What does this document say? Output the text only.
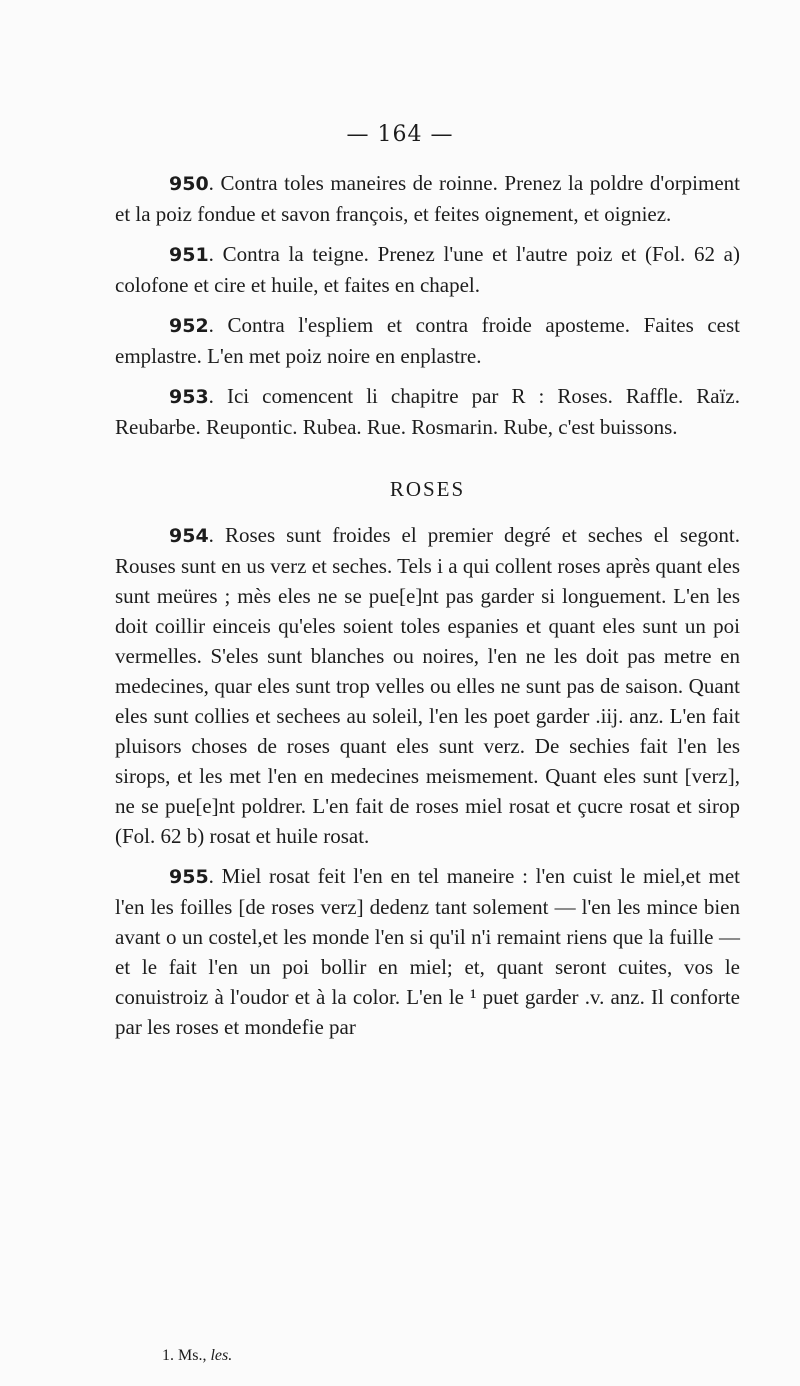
— 164 —

950. Contra toles maneires de roinne. Prenez la poldre d'orpiment et la poiz fondue et savon françois, et feites oignement, et oigniez.

951. Contra la teigne. Prenez l'une et l'autre poiz et (Fol. 62 a) colofone et cire et huile, et faites en chapel.

952. Contra l'espliem et contra froide aposteme. Faites cest emplastre. L'en met poiz noire en enplastre.

953. Ici comencent li chapitre par R : Roses. Raffle. Raïz. Reubarbe. Reupontic. Rubea. Rue. Rosmarin. Rube, c'est buissons.

ROSES

954. Roses sunt froides el premier degré et seches el segont. Rouses sunt en us verz et seches. Tels i a qui collent roses après quant eles sunt meüres ; mès eles ne se pue[e]nt pas garder si longuement. L'en les doit coillir einceis qu'eles soient toles espanies et quant eles sunt un poi vermelles. S'eles sunt blanches ou noires, l'en ne les doit pas metre en medecines, quar eles sunt trop velles ou elles ne sunt pas de saison. Quant eles sunt collies et sechees au soleil, l'en les poet garder .iij. anz. L'en fait pluisors choses de roses quant eles sunt verz. De sechies fait l'en les sirops, et les met l'en en medecines meismement. Quant eles sunt [verz], ne se pue[e]nt poldrer. L'en fait de roses miel rosat et çucre rosat et sirop (Fol. 62 b) rosat et huile rosat.

955. Miel rosat feit l'en en tel maneire : l'en cuist le miel,et met l'en les foilles [de roses verz] dedenz tant solement — l'en les mince bien avant o un costel,et les monde l'en si qu'il n'i remaint riens que la fuille — et le fait l'en un poi bollir en miel; et, quant seront cuites, vos le conuistroiz à l'oudor et à la color. L'en le ¹ puet garder .v. anz. Il conforte par les roses et mondefie par

1. Ms., les.
